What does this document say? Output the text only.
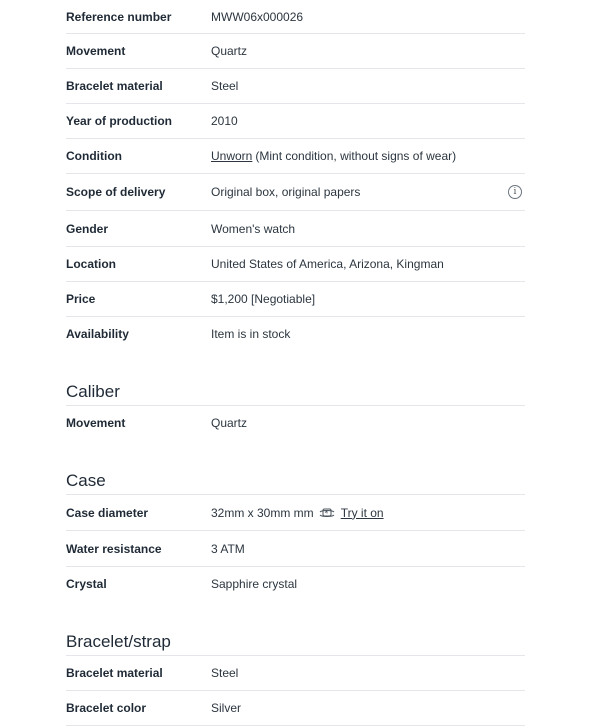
Reference number	MWW06x000026
Movement	Quartz
Bracelet material	Steel
Year of production	2010
Condition	Unworn (Mint condition, without signs of wear)
Scope of delivery	Original box, original papers	i
Gender	Women's watch
Location	United States of America, Arizona, Kingman
Price	$1,200 [Negotiable]
Availability	Item is in stock
Caliber
Movement	Quartz
Case
Case diameter	32mm x 30mm mm Try it on
Water resistance	3 ATM
Crystal	Sapphire crystal
Bracelet/strap
Bracelet material	Steel
Bracelet color	Silver
